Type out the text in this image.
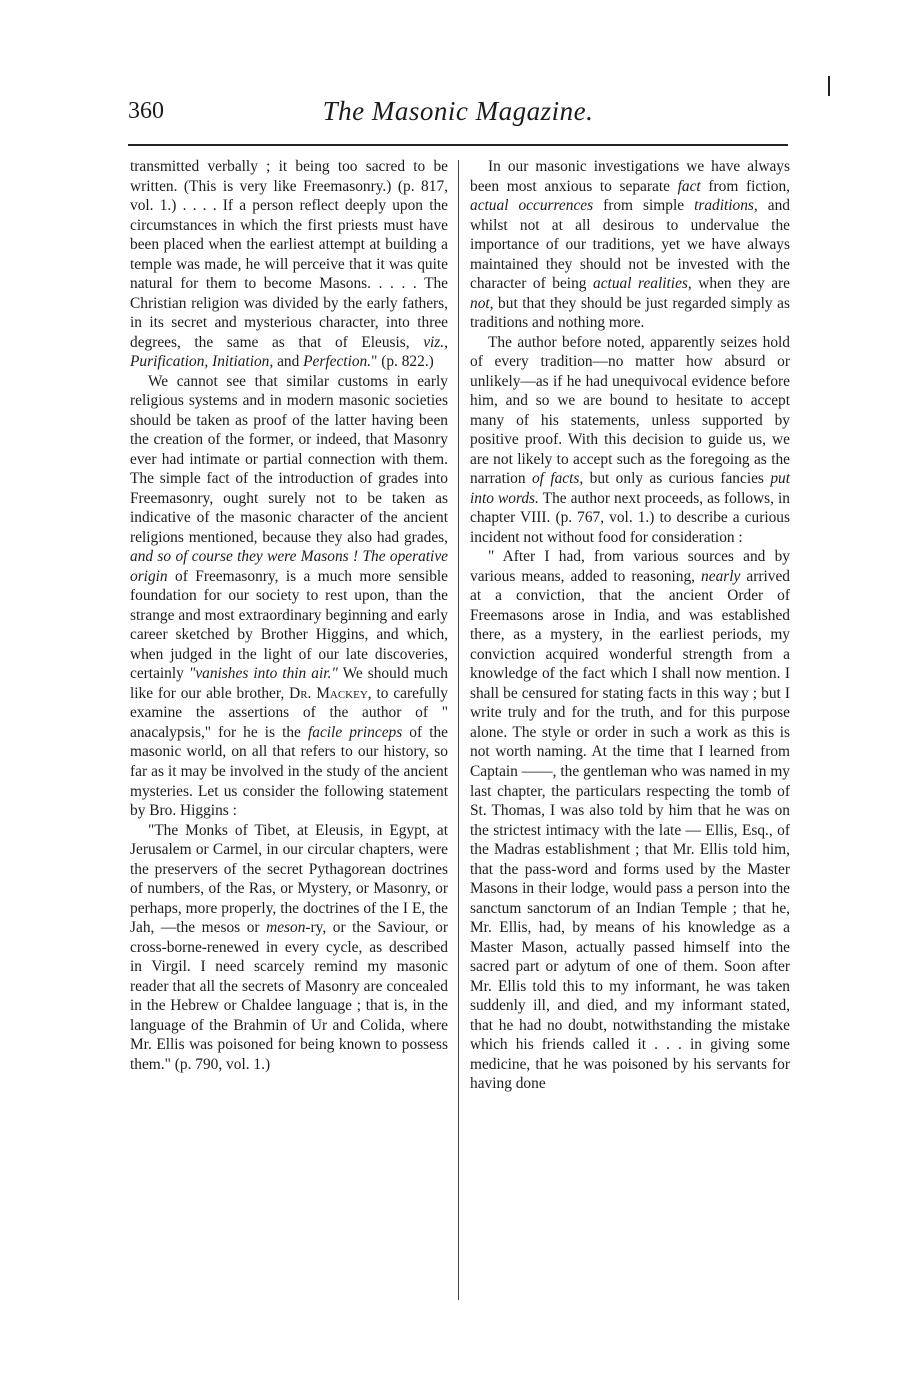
360	The Masonic Magazine.

transmitted verbally ; it being too sacred to be written. (This is very like Freemasonry.) (p. 817, vol. 1.) . . . . If a person reflect deeply upon the circumstances in which the first priests must have been placed when the earliest attempt at building a temple was made, he will perceive that it was quite natural for them to become Masons. . . . . The Christian religion was divided by the early fathers, in its secret and mysterious character, into three degrees, the same as that of Eleusis, viz., Purification, Initiation, and Perfection." (p. 822.)

We cannot see that similar customs in early religious systems and in modern masonic societies should be taken as proof of the latter having been the creation of the former, or indeed, that Masonry ever had intimate or partial connection with them. The simple fact of the introduction of grades into Freemasonry, ought surely not to be taken as indicative of the masonic character of the ancient religions mentioned, because they also had grades, and so of course they were Masons ! The operative origin of Freemasonry, is a much more sensible foundation for our society to rest upon, than the strange and most extraordinary beginning and early career sketched by Brother Higgins, and which, when judged in the light of our late discoveries, certainly "vanishes into thin air." We should much like for our able brother, Dr. Mackey, to carefully examine the assertions of the author of " anacalypsis," for he is the facile princeps of the masonic world, on all that refers to our history, so far as it may be involved in the study of the ancient mysteries. Let us consider the following statement by Bro. Higgins :

"The Monks of Tibet, at Eleusis, in Egypt, at Jerusalem or Carmel, in our circular chapters, were the preservers of the secret Pythagorean doctrines of numbers, of the Ras, or Mystery, or Masonry, or perhaps, more properly, the doctrines of the I E, the Jah, —the mesos or meson-ry, or the Saviour, or cross-borne-renewed in every cycle, as described in Virgil. I need scarcely remind my masonic reader that all the secrets of Masonry are concealed in the Hebrew or Chaldee language ; that is, in the language of the Brahmin of Ur and Colida, where Mr. Ellis was poisoned for being known to possess them." (p. 790, vol. 1.)

In our masonic investigations we have always been most anxious to separate fact from fiction, actual occurrences from simple traditions, and whilst not at all desirous to undervalue the importance of our traditions, yet we have always maintained they should not be invested with the character of being actual realities, when they are not, but that they should be just regarded simply as traditions and nothing more.

The author before noted, apparently seizes hold of every tradition—no matter how absurd or unlikely—as if he had unequivocal evidence before him, and so we are bound to hesitate to accept many of his statements, unless supported by positive proof. With this decision to guide us, we are not likely to accept such as the foregoing as the narration of facts, but only as curious fancies put into words. The author next proceeds, as follows, in chapter VIII. (p. 767, vol. 1.) to describe a curious incident not without food for consideration :

" After I had, from various sources and by various means, added to reasoning, nearly arrived at a conviction, that the ancient Order of Freemasons arose in India, and was established there, as a mystery, in the earliest periods, my conviction acquired wonderful strength from a knowledge of the fact which I shall now mention. I shall be censured for stating facts in this way ; but I write truly and for the truth, and for this purpose alone. The style or order in such a work as this is not worth naming. At the time that I learned from Captain ——, the gentleman who was named in my last chapter, the particulars respecting the tomb of St. Thomas, I was also told by him that he was on the strictest intimacy with the late — Ellis, Esq., of the Madras establishment ; that Mr. Ellis told him, that the pass-word and forms used by the Master Masons in their lodge, would pass a person into the sanctum sanctorum of an Indian Temple ; that he, Mr. Ellis, had, by means of his knowledge as a Master Mason, actually passed himself into the sacred part or adytum of one of them. Soon after Mr. Ellis told this to my informant, he was taken suddenly ill, and died, and my informant stated, that he had no doubt, notwithstanding the mistake which his friends called it . . . in giving some medicine, that he was poisoned by his servants for having done
